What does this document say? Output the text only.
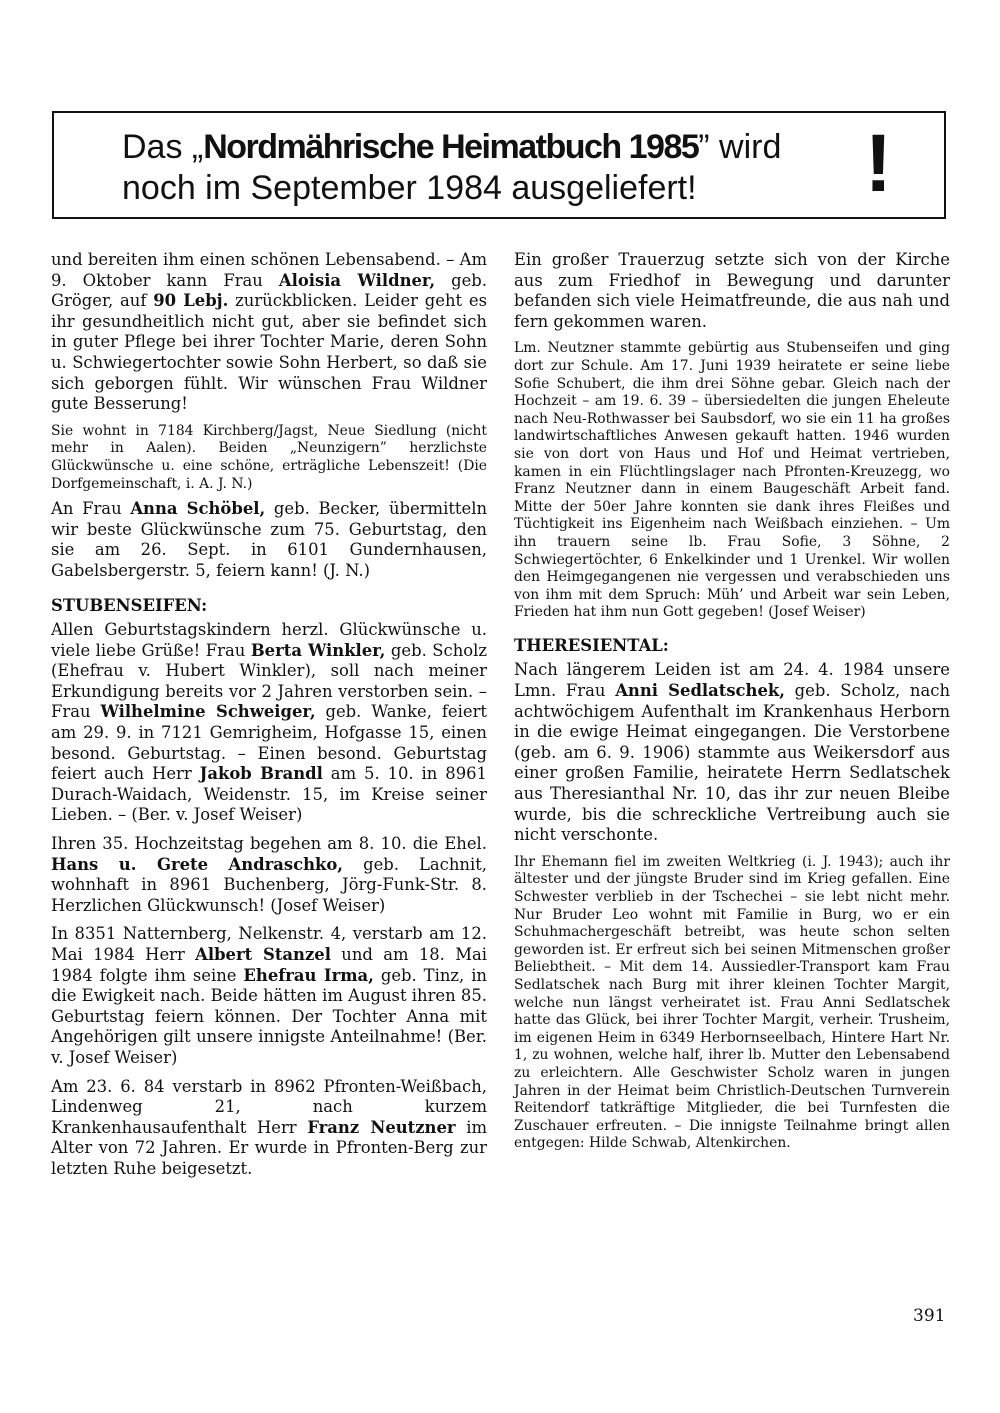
Das „Nordmährische Heimatbuch 1985” wird
noch im September 1984 ausgeliefert!	!

und bereiten ihm einen schönen Lebensabend. – Am 9. Oktober kann Frau Aloisia Wildner, geb. Gröger, auf 90 Lebj. zurückblicken. Leider geht es ihr gesundheitlich nicht gut, aber sie befindet sich in guter Pflege bei ihrer Tochter Marie, deren Sohn u. Schwiegertochter sowie Sohn Herbert, so daß sie sich geborgen fühlt. Wir wünschen Frau Wildner gute Besserung!

Sie wohnt in 7184 Kirchberg/Jagst, Neue Siedlung (nicht mehr in Aalen). Beiden „Neunzigern” herzlichste Glückwünsche u. eine schöne, erträgliche Lebenszeit! (Die Dorfgemeinschaft, i. A. J. N.)

An Frau Anna Schöbel, geb. Becker, übermitteln wir beste Glückwünsche zum 75. Geburtstag, den sie am 26. Sept. in 6101 Gundernhausen, Gabelsbergerstr. 5, feiern kann! (J. N.)

STUBENSEIFEN:

Allen Geburtstagskindern herzl. Glückwünsche u. viele liebe Grüße! Frau Berta Winkler, geb. Scholz (Ehefrau v. Hubert Winkler), soll nach meiner Erkundigung bereits vor 2 Jahren verstorben sein. – Frau Wilhelmine Schweiger, geb. Wanke, feiert am 29. 9. in 7121 Gemrigheim, Hofgasse 15, einen besond. Geburtstag. – Einen besond. Geburtstag feiert auch Herr Jakob Brandl am 5. 10. in 8961 Durach-Waidach, Weidenstr. 15, im Kreise seiner Lieben. – (Ber. v. Josef Weiser)

Ihren 35. Hochzeitstag begehen am 8. 10. die Ehel. Hans u. Grete Andraschko, geb. Lachnit, wohnhaft in 8961 Buchenberg, Jörg-Funk-Str. 8. Herzlichen Glückwunsch! (Josef Weiser)

In 8351 Natternberg, Nelkenstr. 4, verstarb am 12. Mai 1984 Herr Albert Stanzel und am 18. Mai 1984 folgte ihm seine Ehefrau Irma, geb. Tinz, in die Ewigkeit nach. Beide hätten im August ihren 85. Geburtstag feiern können. Der Tochter Anna mit Angehörigen gilt unsere innigste Anteilnahme! (Ber. v. Josef Weiser)

Am 23. 6. 84 verstarb in 8962 Pfronten-Weißbach, Lindenweg 21, nach kurzem Krankenhausaufenthalt Herr Franz Neutzner im Alter von 72 Jahren. Er wurde in Pfronten-Berg zur letzten Ruhe beigesetzt.

Ein großer Trauerzug setzte sich von der Kirche aus zum Friedhof in Bewegung und darunter befanden sich viele Heimatfreunde, die aus nah und fern gekommen waren.

Lm. Neutzner stammte gebürtig aus Stubenseifen und ging dort zur Schule. Am 17. Juni 1939 heiratete er seine liebe Sofie Schubert, die ihm drei Söhne gebar. Gleich nach der Hochzeit – am 19. 6. 39 – übersiedelten die jungen Eheleute nach Neu-Rothwasser bei Saubsdorf, wo sie ein 11 ha großes landwirtschaftliches Anwesen gekauft hatten. 1946 wurden sie von dort von Haus und Hof und Heimat vertrieben, kamen in ein Flüchtlingslager nach Pfronten-Kreuzegg, wo Franz Neutzner dann in einem Baugeschäft Arbeit fand. Mitte der 50er Jahre konnten sie dank ihres Fleißes und Tüchtigkeit ins Eigenheim nach Weißbach einziehen. – Um ihn trauern seine lb. Frau Sofie, 3 Söhne, 2 Schwiegertöchter, 6 Enkelkinder und 1 Urenkel. Wir wollen den Heimgegangenen nie vergessen und verabschieden uns von ihm mit dem Spruch: Müh’ und Arbeit war sein Leben, Frieden hat ihm nun Gott gegeben! (Josef Weiser)

THERESIENTAL:

Nach längerem Leiden ist am 24. 4. 1984 unsere Lmn. Frau Anni Sedlatschek, geb. Scholz, nach achtwöchigem Aufenthalt im Krankenhaus Herborn in die ewige Heimat eingegangen. Die Verstorbene (geb. am 6. 9. 1906) stammte aus Weikersdorf aus einer großen Familie, heiratete Herrn Sedlatschek aus Theresianthal Nr. 10, das ihr zur neuen Bleibe wurde, bis die schreckliche Vertreibung auch sie nicht verschonte.

Ihr Ehemann fiel im zweiten Weltkrieg (i. J. 1943); auch ihr ältester und der jüngste Bruder sind im Krieg gefallen. Eine Schwester verblieb in der Tschechei – sie lebt nicht mehr. Nur Bruder Leo wohnt mit Familie in Burg, wo er ein Schuhmachergeschäft betreibt, was heute schon selten geworden ist. Er erfreut sich bei seinen Mitmenschen großer Beliebtheit. – Mit dem 14. Aussiedler-Transport kam Frau Sedlatschek nach Burg mit ihrer kleinen Tochter Margit, welche nun längst verheiratet ist. Frau Anni Sedlatschek hatte das Glück, bei ihrer Tochter Margit, verheir. Trusheim, im eigenen Heim in 6349 Herbornseelbach, Hintere Hart Nr. 1, zu wohnen, welche half, ihrer lb. Mutter den Lebensabend zu erleichtern. Alle Geschwister Scholz waren in jungen Jahren in der Heimat beim Christlich-Deutschen Turnverein Reitendorf tatkräftige Mitglieder, die bei Turnfesten die Zuschauer erfreuten. – Die innigste Teilnahme bringt allen entgegen: Hilde Schwab, Altenkirchen.

391
